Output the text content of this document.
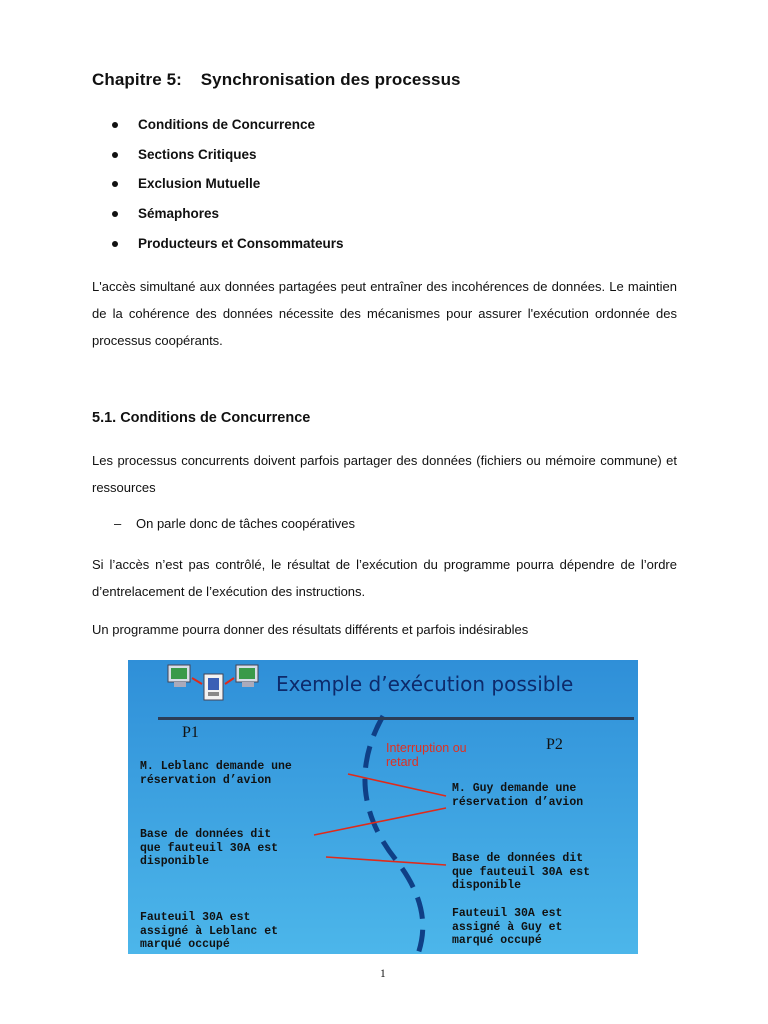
Chapitre 5: Synchronisation des processus
Conditions de Concurrence
Sections Critiques
Exclusion Mutuelle
Sémaphores
Producteurs et Consommateurs

L'accès simultané aux données partagées peut entraîner des incohérences de données. Le maintien de la cohérence des données nécessite des mécanismes pour assurer l'exécution ordonnée des processus coopérants.

5.1. Conditions de Concurrence

Les processus concurrents doivent parfois partager des données (fichiers ou mémoire commune) et ressources

– On parle donc de tâches coopératives

Si l’accès n’est pas contrôlé, le résultat de l’exécution du programme pourra dépendre de l’ordre d’entrelacement de l’exécution des instructions.

Un programme pourra donner des résultats différents et parfois indésirables

Exemple d’exécution possible
P1
P2
Interruption ou retard
M. Leblanc demande une
réservation d’avion
Base de données dit
que fauteuil 30A est
disponible
Fauteuil 30A est
assigné à Leblanc et
marqué occupé
M. Guy demande une
réservation d’avion
Base de données dit
que fauteuil 30A est
disponible
Fauteuil 30A est
assigné à Guy et
marqué occupé
1
